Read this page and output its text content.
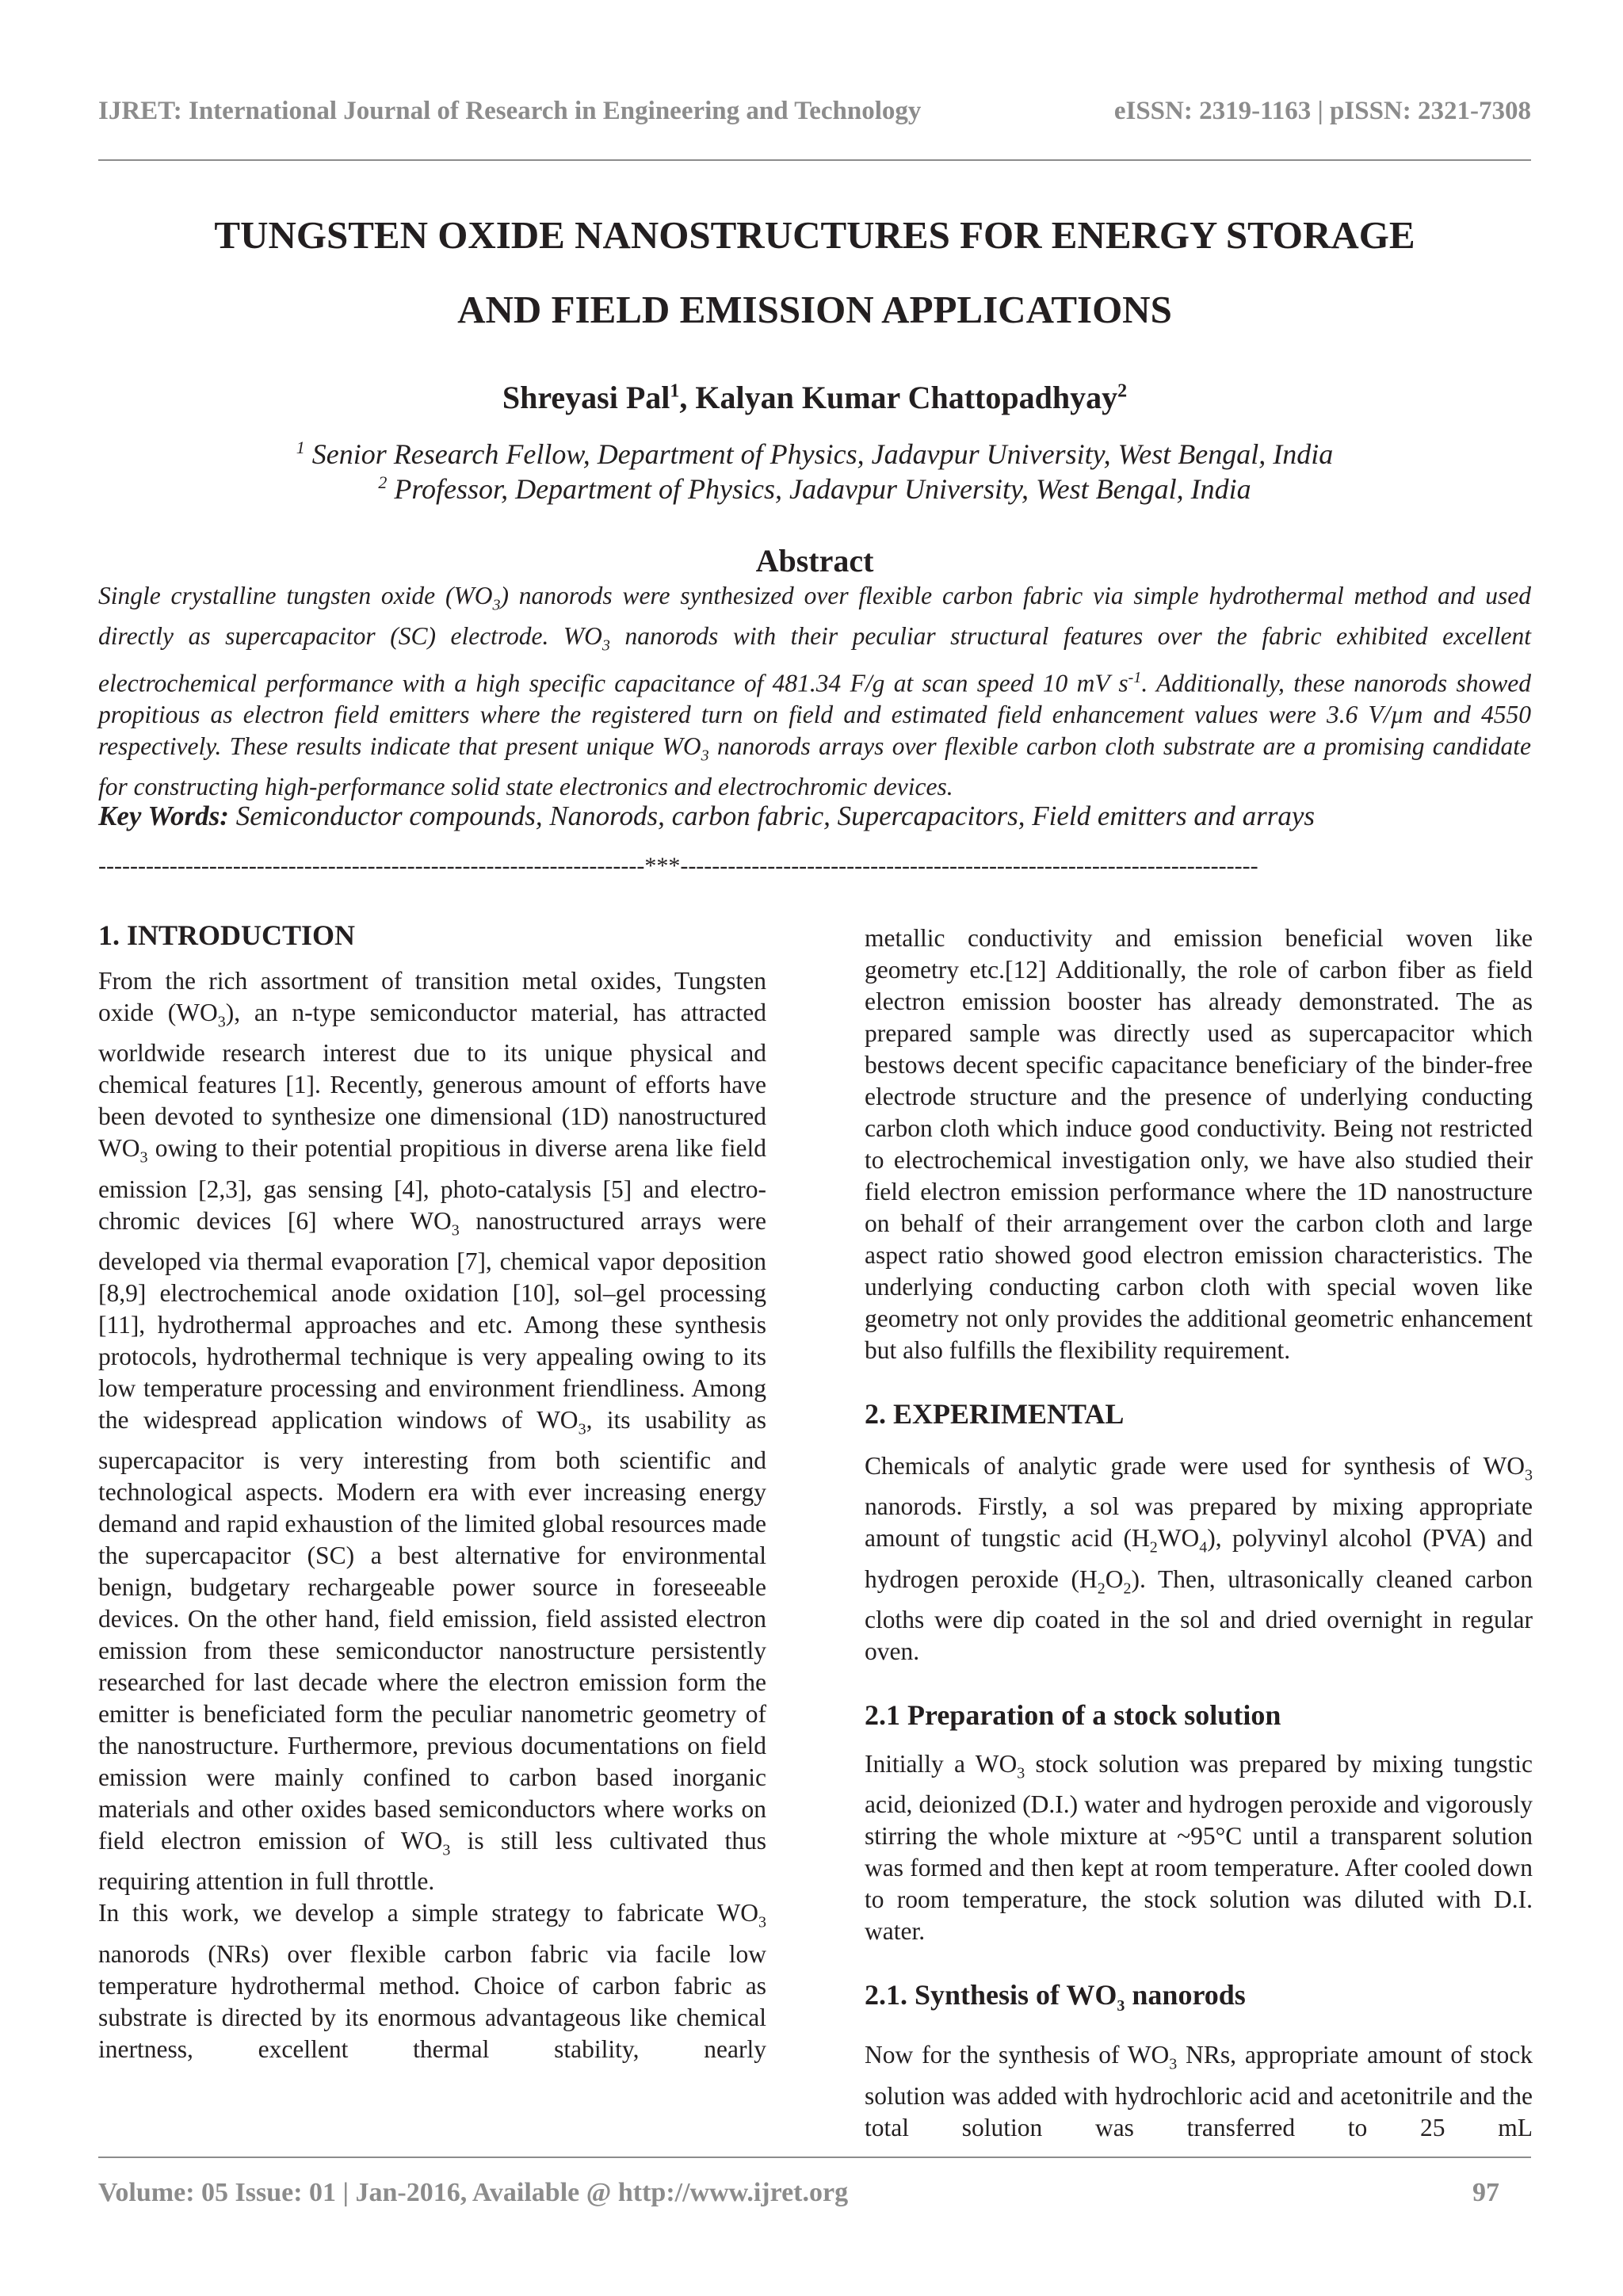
IJRET: International Journal of Research in Engineering and Technology	eISSN: 2319-1163 | pISSN: 2321-7308
TUNGSTEN OXIDE NANOSTRUCTURES FOR ENERGY STORAGE
AND FIELD EMISSION APPLICATIONS
Shreyasi Pal$^1$, Kalyan Kumar Chattopadhyay$^2$
$^1$ Senior Research Fellow, Department of Physics, Jadavpur University, West Bengal, India
$^2$ Professor, Department of Physics, Jadavpur University, West Bengal, India
Abstract
Single crystalline tungsten oxide $(WO_3)$ nanorods were synthesized over flexible carbon fabric via simple hydrothermal method and used directly as supercapacitor (SC) electrode. $WO_3$ nanorods with their peculiar structural features over the fabric exhibited excellent electrochemical performance with a high specific capacitance of 481.34 F/g at scan speed 10 mV $s^{-1}$. Additionally, these nanorods showed propitious as electron field emitters where the registered turn on field and estimated field enhancement values were 3.6 V/µm and 4550 respectively. These results indicate that present unique $WO_3$ nanorods arrays over flexible carbon cloth substrate are a promising candidate for constructing high-performance solid state electronics and electrochromic devices.
Key Words: Semiconductor compounds, Nanorods, carbon fabric, Supercapacitors, Field emitters and arrays
---------------------------------------------------------------------***-------------------------------------------------------------------------
1. INTRODUCTION

From the rich assortment of transition metal oxides, Tungsten oxide $(WO_3)$, an n-type semiconductor material, has attracted worldwide research interest due to its unique physical and chemical features [1]. Recently, generous amount of efforts have been devoted to synthesize one dimensional (1D) nanostructured $WO_3$ owing to their potential propitious in diverse arena like field emission [2,3], gas sensing [4], photo-catalysis [5] and electro-chromic devices [6] where $WO_3$ nanostructured arrays were developed via thermal evaporation [7], chemical vapor deposition [8,9] electrochemical anode oxidation [10], sol–gel processing [11], hydrothermal approaches and etc. Among these synthesis protocols, hydrothermal technique is very appealing owing to its low temperature processing and environment friendliness. Among the widespread application windows of $WO_3$, its usability as supercapacitor is very interesting from both scientific and technological aspects. Modern era with ever increasing energy demand and rapid exhaustion of the limited global resources made the supercapacitor (SC) a best alternative for environmental benign, budgetary rechargeable power source in foreseeable devices. On the other hand, field emission, field assisted electron emission from these semiconductor nanostructure persistently researched for last decade where the electron emission form the emitter is beneficiated form the peculiar nanometric geometry of the nanostructure. Furthermore, previous documentations on field emission were mainly confined to carbon based inorganic materials and other oxides based semiconductors where works on field electron emission of $WO_3$ is still less cultivated thus requiring attention in full throttle.

In this work, we develop a simple strategy to fabricate $WO_3$ nanorods (NRs) over flexible carbon fabric via facile low temperature hydrothermal method. Choice of carbon fabric as substrate is directed by its enormous advantageous like chemical inertness, excellent thermal stability, nearly

metallic conductivity and emission beneficial woven like geometry etc.[12] Additionally, the role of carbon fiber as field electron emission booster has already demonstrated. The as prepared sample was directly used as supercapacitor which bestows decent specific capacitance beneficiary of the binder-free electrode structure and the presence of underlying conducting carbon cloth which induce good conductivity. Being not restricted to electrochemical investigation only, we have also studied their field electron emission performance where the 1D nanostructure on behalf of their arrangement over the carbon cloth and large aspect ratio showed good electron emission characteristics. The underlying conducting carbon cloth with special woven like geometry not only provides the additional geometric enhancement but also fulfills the flexibility requirement.

2. EXPERIMENTAL

Chemicals of analytic grade were used for synthesis of $WO_3$ nanorods. Firstly, a sol was prepared by mixing appropriate amount of tungstic acid $(H_2WO_4)$, polyvinyl alcohol (PVA) and hydrogen peroxide $(H_2O_2)$. Then, ultrasonically cleaned carbon cloths were dip coated in the sol and dried overnight in regular oven.

2.1 Preparation of a stock solution

Initially a $WO_3$ stock solution was prepared by mixing tungstic acid, deionized (D.I.) water and hydrogen peroxide and vigorously stirring the whole mixture at ~95°C until a transparent solution was formed and then kept at room temperature. After cooled down to room temperature, the stock solution was diluted with D.I. water.

2.1. Synthesis of $WO_3$ nanorods

Now for the synthesis of $WO_3$ NRs, appropriate amount of stock solution was added with hydrochloric acid and acetonitrile and the total solution was transferred to 25 mL

Volume: 05 Issue: 01 | Jan-2016, Available @ http://www.ijret.org	97
